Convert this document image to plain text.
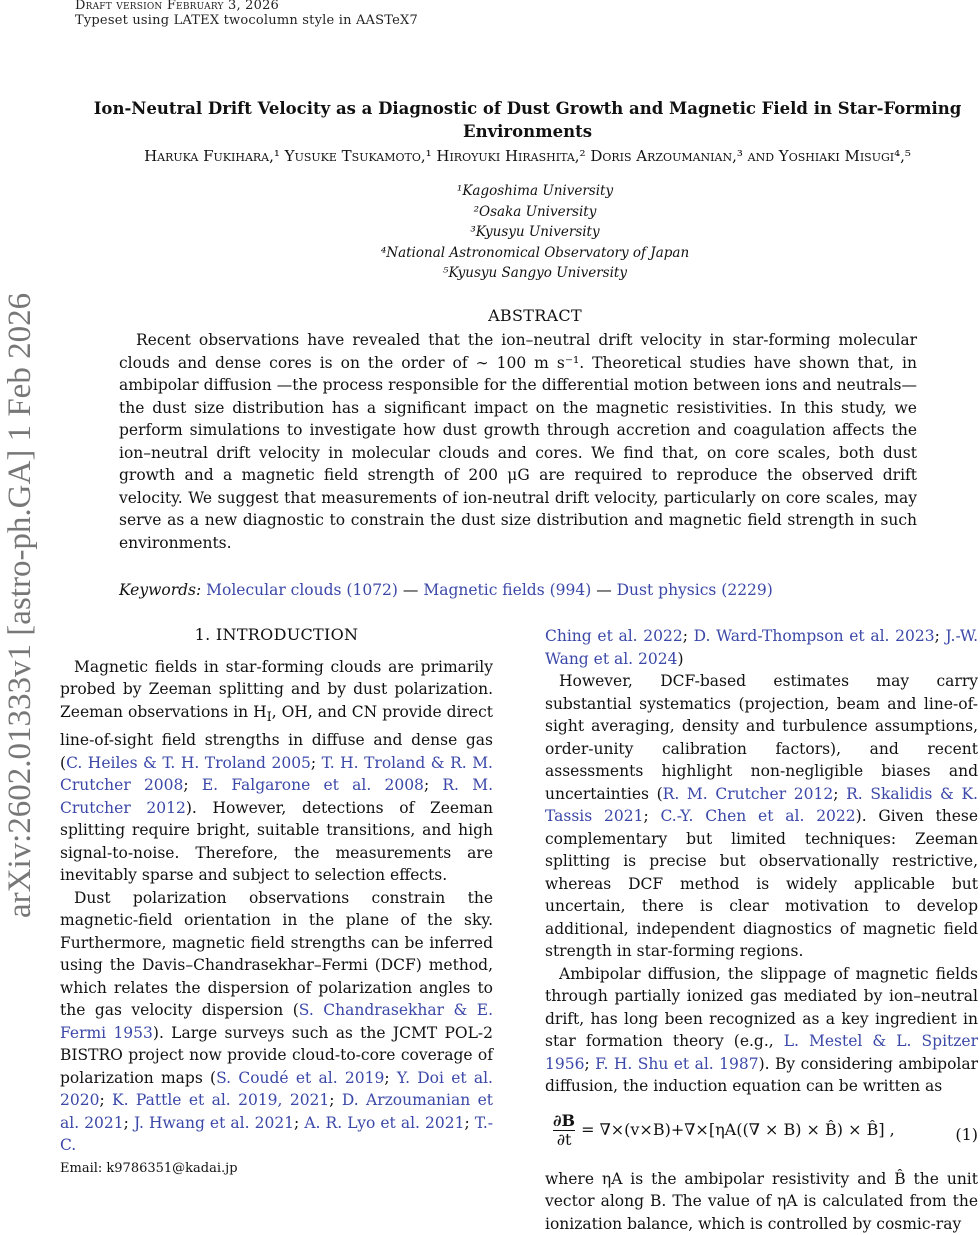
Draft version February 3, 2026
Typeset using LATEX twocolumn style in AASTeX7
arXiv:2602.01333v1 [astro-ph.GA] 1 Feb 2026
Ion-Neutral Drift Velocity as a Diagnostic of Dust Growth and Magnetic Field in Star-Forming Environments
Haruka Fukihara,¹ Yusuke Tsukamoto,¹ Hiroyuki Hirashita,² Doris Arzoumanian,³ and Yoshiaki Misugi⁴,⁵
¹Kagoshima University
²Osaka University
³Kyusyu University
⁴National Astronomical Observatory of Japan
⁵Kyusyu Sangyo University
ABSTRACT
Recent observations have revealed that the ion–neutral drift velocity in star-forming molecular clouds and dense cores is on the order of ∼ 100 m s⁻¹. Theoretical studies have shown that, in ambipolar diffusion —the process responsible for the differential motion between ions and neutrals— the dust size distribution has a significant impact on the magnetic resistivities. In this study, we perform simulations to investigate how dust growth through accretion and coagulation affects the ion–neutral drift velocity in molecular clouds and cores. We find that, on core scales, both dust growth and a magnetic field strength of 200 μG are required to reproduce the observed drift velocity. We suggest that measurements of ion-neutral drift velocity, particularly on core scales, may serve as a new diagnostic to constrain the dust size distribution and magnetic field strength in such environments.
Keywords: Molecular clouds (1072) — Magnetic fields (994) — Dust physics (2229)
1. INTRODUCTION

Magnetic fields in star-forming clouds are primarily probed by Zeeman splitting and by dust polarization. Zeeman observations in $H_I$, OH, and CN provide direct line-of-sight field strengths in diffuse and dense gas (C. Heiles & T. H. Troland 2005; T. H. Troland & R. M. Crutcher 2008; E. Falgarone et al. 2008; R. M. Crutcher 2012). However, detections of Zeeman splitting require bright, suitable transitions, and high signal-to-noise. Therefore, the measurements are inevitably sparse and subject to selection effects.

Dust polarization observations constrain the magnetic-field orientation in the plane of the sky. Furthermore, magnetic field strengths can be inferred using the Davis–Chandrasekhar–Fermi (DCF) method, which relates the dispersion of polarization angles to the gas velocity dispersion (S. Chandrasekhar & E. Fermi 1953). Large surveys such as the JCMT POL-2 BISTRO project now provide cloud-to-core coverage of polarization maps (S. Coudé et al. 2019; Y. Doi et al. 2020; K. Pattle et al. 2019, 2021; D. Arzoumanian et al. 2021; J. Hwang et al. 2021; A. R. Lyo et al. 2021; T.-C.

Ching et al. 2022; D. Ward-Thompson et al. 2023; J.-W. Wang et al. 2024)

However, DCF-based estimates may carry substantial systematics (projection, beam and line-of-sight averaging, density and turbulence assumptions, order-unity calibration factors), and recent assessments highlight non-negligible biases and uncertainties (R. M. Crutcher 2012; R. Skalidis & K. Tassis 2021; C.-Y. Chen et al. 2022). Given these complementary but limited techniques: Zeeman splitting is precise but observationally restrictive, whereas DCF method is widely applicable but uncertain, there is clear motivation to develop additional, independent diagnostics of magnetic field strength in star-forming regions.

Ambipolar diffusion, the slippage of magnetic fields through partially ionized gas mediated by ion–neutral drift, has long been recognized as a key ingredient in star formation theory (e.g., L. Mestel & L. Spitzer 1956; F. H. Shu et al. 1987). By considering ambipolar diffusion, the induction equation can be written as

$\frac{\partial B}{\partial t} = \nabla\times(v\times B)+\nabla\times[\eta A((\nabla \times B)$ × B̂) × B̂] ,	(1)

where ηA is the ambipolar resistivity and B̂ the unit vector along B. The value of ηA is calculated from the ionization balance, which is controlled by cosmic-ray

Email: k9786351@kadai.jp
